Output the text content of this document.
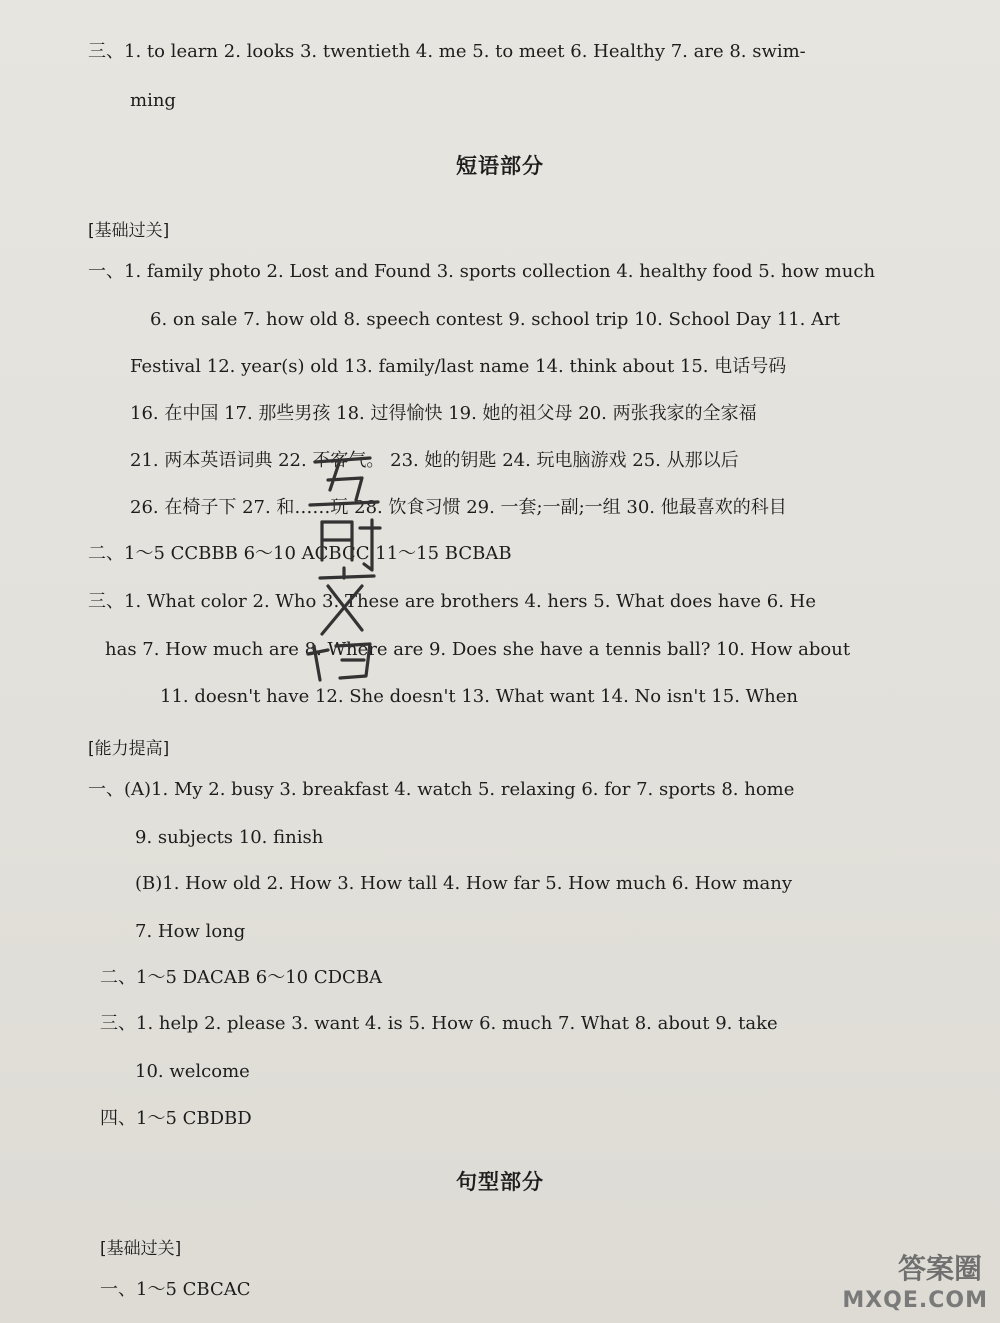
三、1. to learn 2. looks 3. twentieth 4. me 5. to meet 6. Healthy 7. are 8. swim-
ming
短语部分
[基础过关]
一、1. family photo 2. Lost and Found 3. sports collection 4. healthy food 5. how much
6. on sale 7. how old 8. speech contest 9. school trip 10. School Day 11. Art
Festival 12. year(s) old 13. family/last name 14. think about 15. 电话号码
16. 在中国 17. 那些男孩 18. 过得愉快 19. 她的祖父母 20. 两张我家的全家福
21. 两本英语词典 22. 不客气。 23. 她的钥匙 24. 玩电脑游戏 25. 从那以后
26. 在椅子下 27. 和……玩 28. 饮食习惯 29. 一套;一副;一组 30. 他最喜欢的科目
二、1～5 CCBBB 6～10 ACBCC 11～15 BCBAB
三、1. What color 2. Who 3. These are brothers 4. hers 5. What does have 6. He
has 7. How much are 8. Where are 9. Does she have a tennis ball? 10. How about
11. doesn't have 12. She doesn't 13. What want 14. No isn't 15. When
[能力提高]
一、(A)1. My 2. busy 3. breakfast 4. watch 5. relaxing 6. for 7. sports 8. home
9. subjects 10. finish
(B)1. How old 2. How 3. How tall 4. How far 5. How much 6. How many
7. How long
二、1～5 DACAB 6～10 CDCBA
三、1. help 2. please 3. want 4. is 5. How 6. much 7. What 8. about 9. take
10. welcome
四、1～5 CBDBD
句型部分
[基础过关]
一、1～5 CBCAC
答案圈
MXQE.COM
